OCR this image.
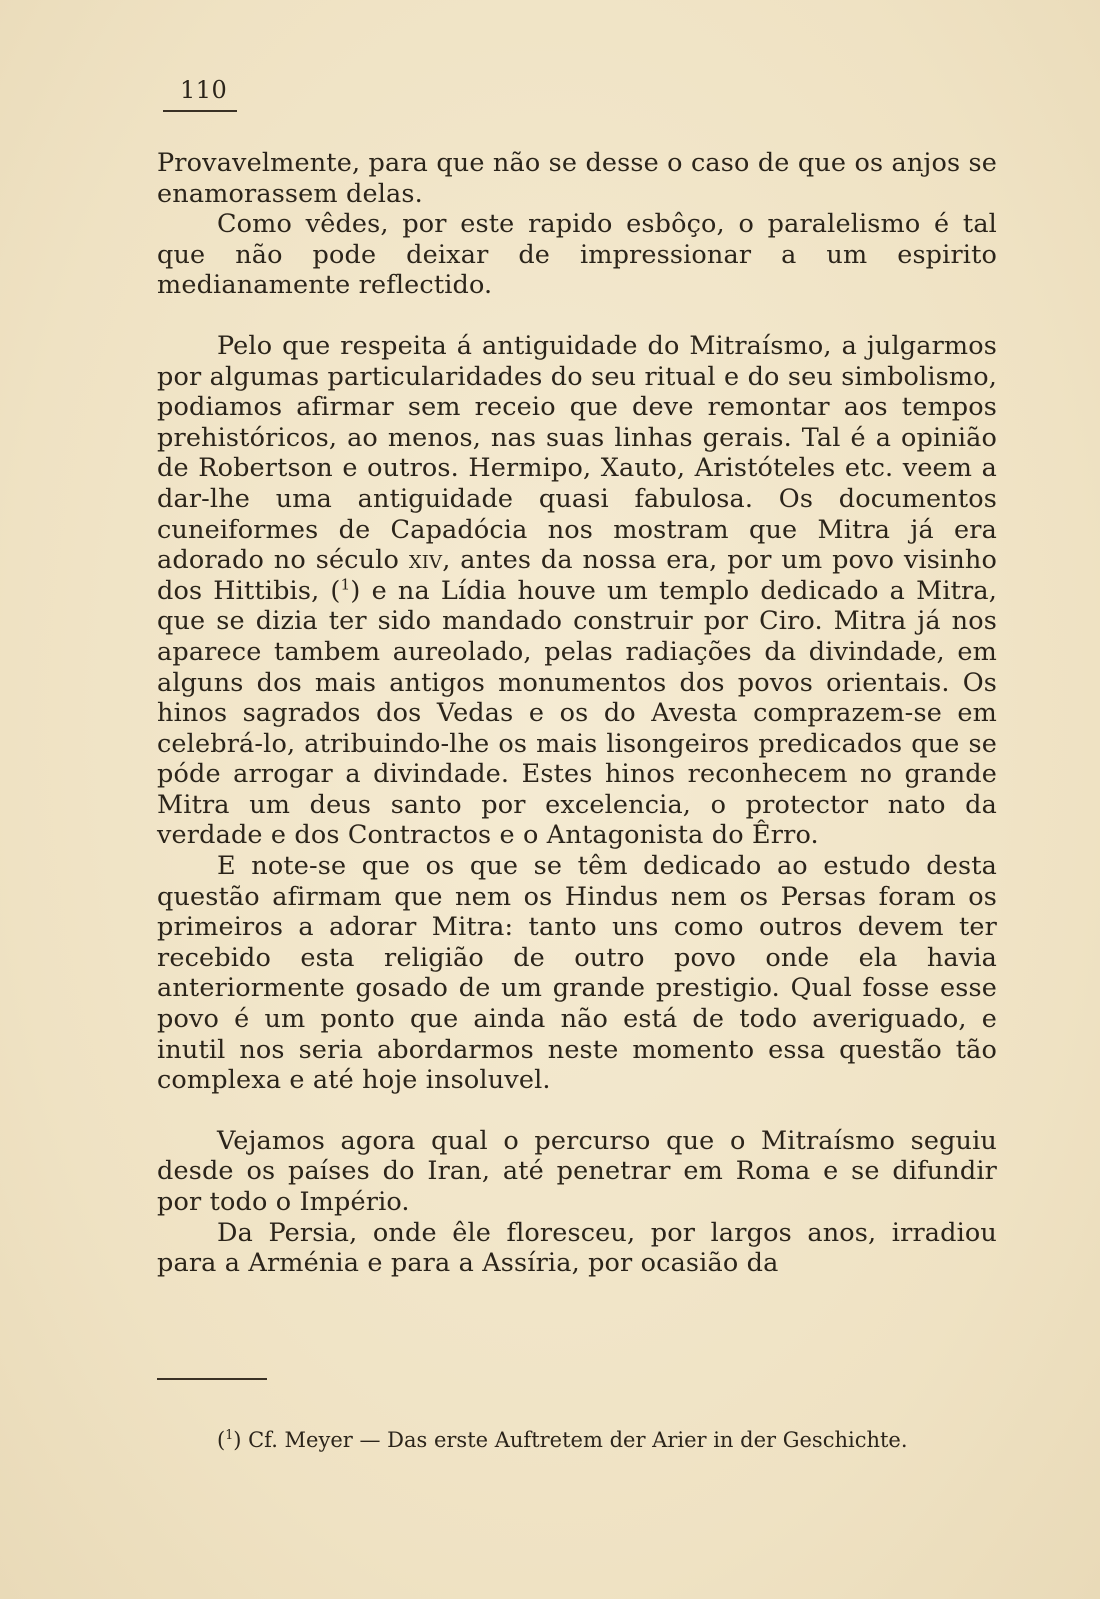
110

Provavelmente, para que não se desse o caso de que os anjos se enamorassem delas.

Como vêdes, por este rapido esbôço, o paralelismo é tal que não pode deixar de impressionar a um espirito medianamente reflectido.

Pelo que respeita á antiguidade do Mitraísmo, a julgarmos por algumas particularidades do seu ritual e do seu simbolismo, podiamos afirmar sem receio que deve remontar aos tempos prehistóricos, ao menos, nas suas linhas gerais. Tal é a opinião de Robertson e outros. Hermipo, Xauto, Aristóteles etc. veem a dar-lhe uma antiguidade quasi fabulosa. Os documentos cuneiformes de Capadócia nos mostram que Mitra já era adorado no século xiv, antes da nossa era, por um povo visinho dos Hittibis, ($^1$) e na Lídia houve um templo dedicado a Mitra, que se dizia ter sido mandado construir por Ciro. Mitra já nos aparece tambem aureolado, pelas radiações da divindade, em alguns dos mais antigos monumentos dos povos orientais. Os hinos sagrados dos Vedas e os do Avesta comprazem-se em celebrá-lo, atribuindo-lhe os mais lisongeiros predicados que se póde arrogar a divindade. Estes hinos reconhecem no grande Mitra um deus santo por excelencia, o protector nato da verdade e dos Contractos e o Antagonista do Êrro.

E note-se que os que se têm dedicado ao estudo desta questão afirmam que nem os Hindus nem os Persas foram os primeiros a adorar Mitra: tanto uns como outros devem ter recebido esta religião de outro povo onde ela havia anteriormente gosado de um grande prestigio. Qual fosse esse povo é um ponto que ainda não está de todo averiguado, e inutil nos seria abordarmos neste momento essa questão tão complexa e até hoje insoluvel.

Vejamos agora qual o percurso que o Mitraísmo seguiu desde os países do Iran, até penetrar em Roma e se difundir por todo o Império.

Da Persia, onde êle floresceu, por largos anos, irradiou para a Arménia e para a Assíria, por ocasião da

($^1$) Cf. Meyer — Das erste Auftretem der Arier in der Geschichte.
